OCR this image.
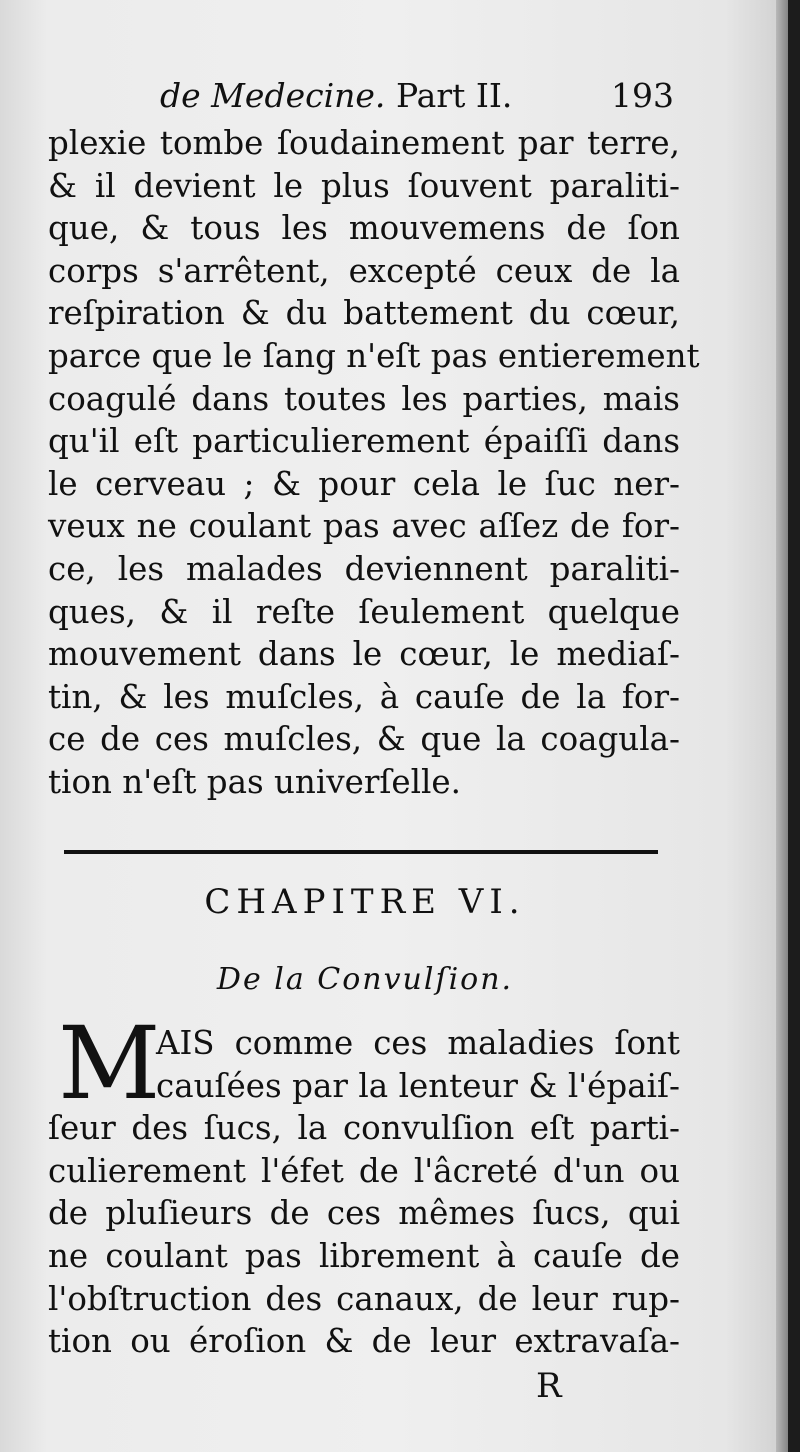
de Medecine. Part II.	193
plexie tombe ſoudainement par terre,
& il devient le plus ſouvent paraliti-
que, & tous les mouvemens de ſon
corps s'arrêtent, excepté ceux de la
reſpiration & du battement du cœur,
parce que le ſang n'eſt pas entierement
coagulé dans toutes les parties, mais
qu'il eſt particulierement épaiſſi dans
le cerveau ; & pour cela le ſuc ner-
veux ne coulant pas avec aſſez de for-
ce, les malades deviennent paraliti-
ques, & il reſte ſeulement quelque
mouvement dans le cœur, le mediaſ-
tin, & les muſcles, à cauſe de la for-
ce de ces muſcles, & que la coagula-
tion n'eſt pas univerſelle.
CHAPITRE VI.
De la Convulſion.
M
AIS comme ces maladies ſont
cauſées par la lenteur & l'épaiſ-
ſeur des ſucs, la convulſion eſt parti-
culierement l'éfet de l'âcreté d'un ou
de pluſieurs de ces mêmes ſucs, qui
ne coulant pas librement à cauſe de
l'obſtruction des canaux, de leur rup-
tion ou éroſion & de leur extravaſa-
R
